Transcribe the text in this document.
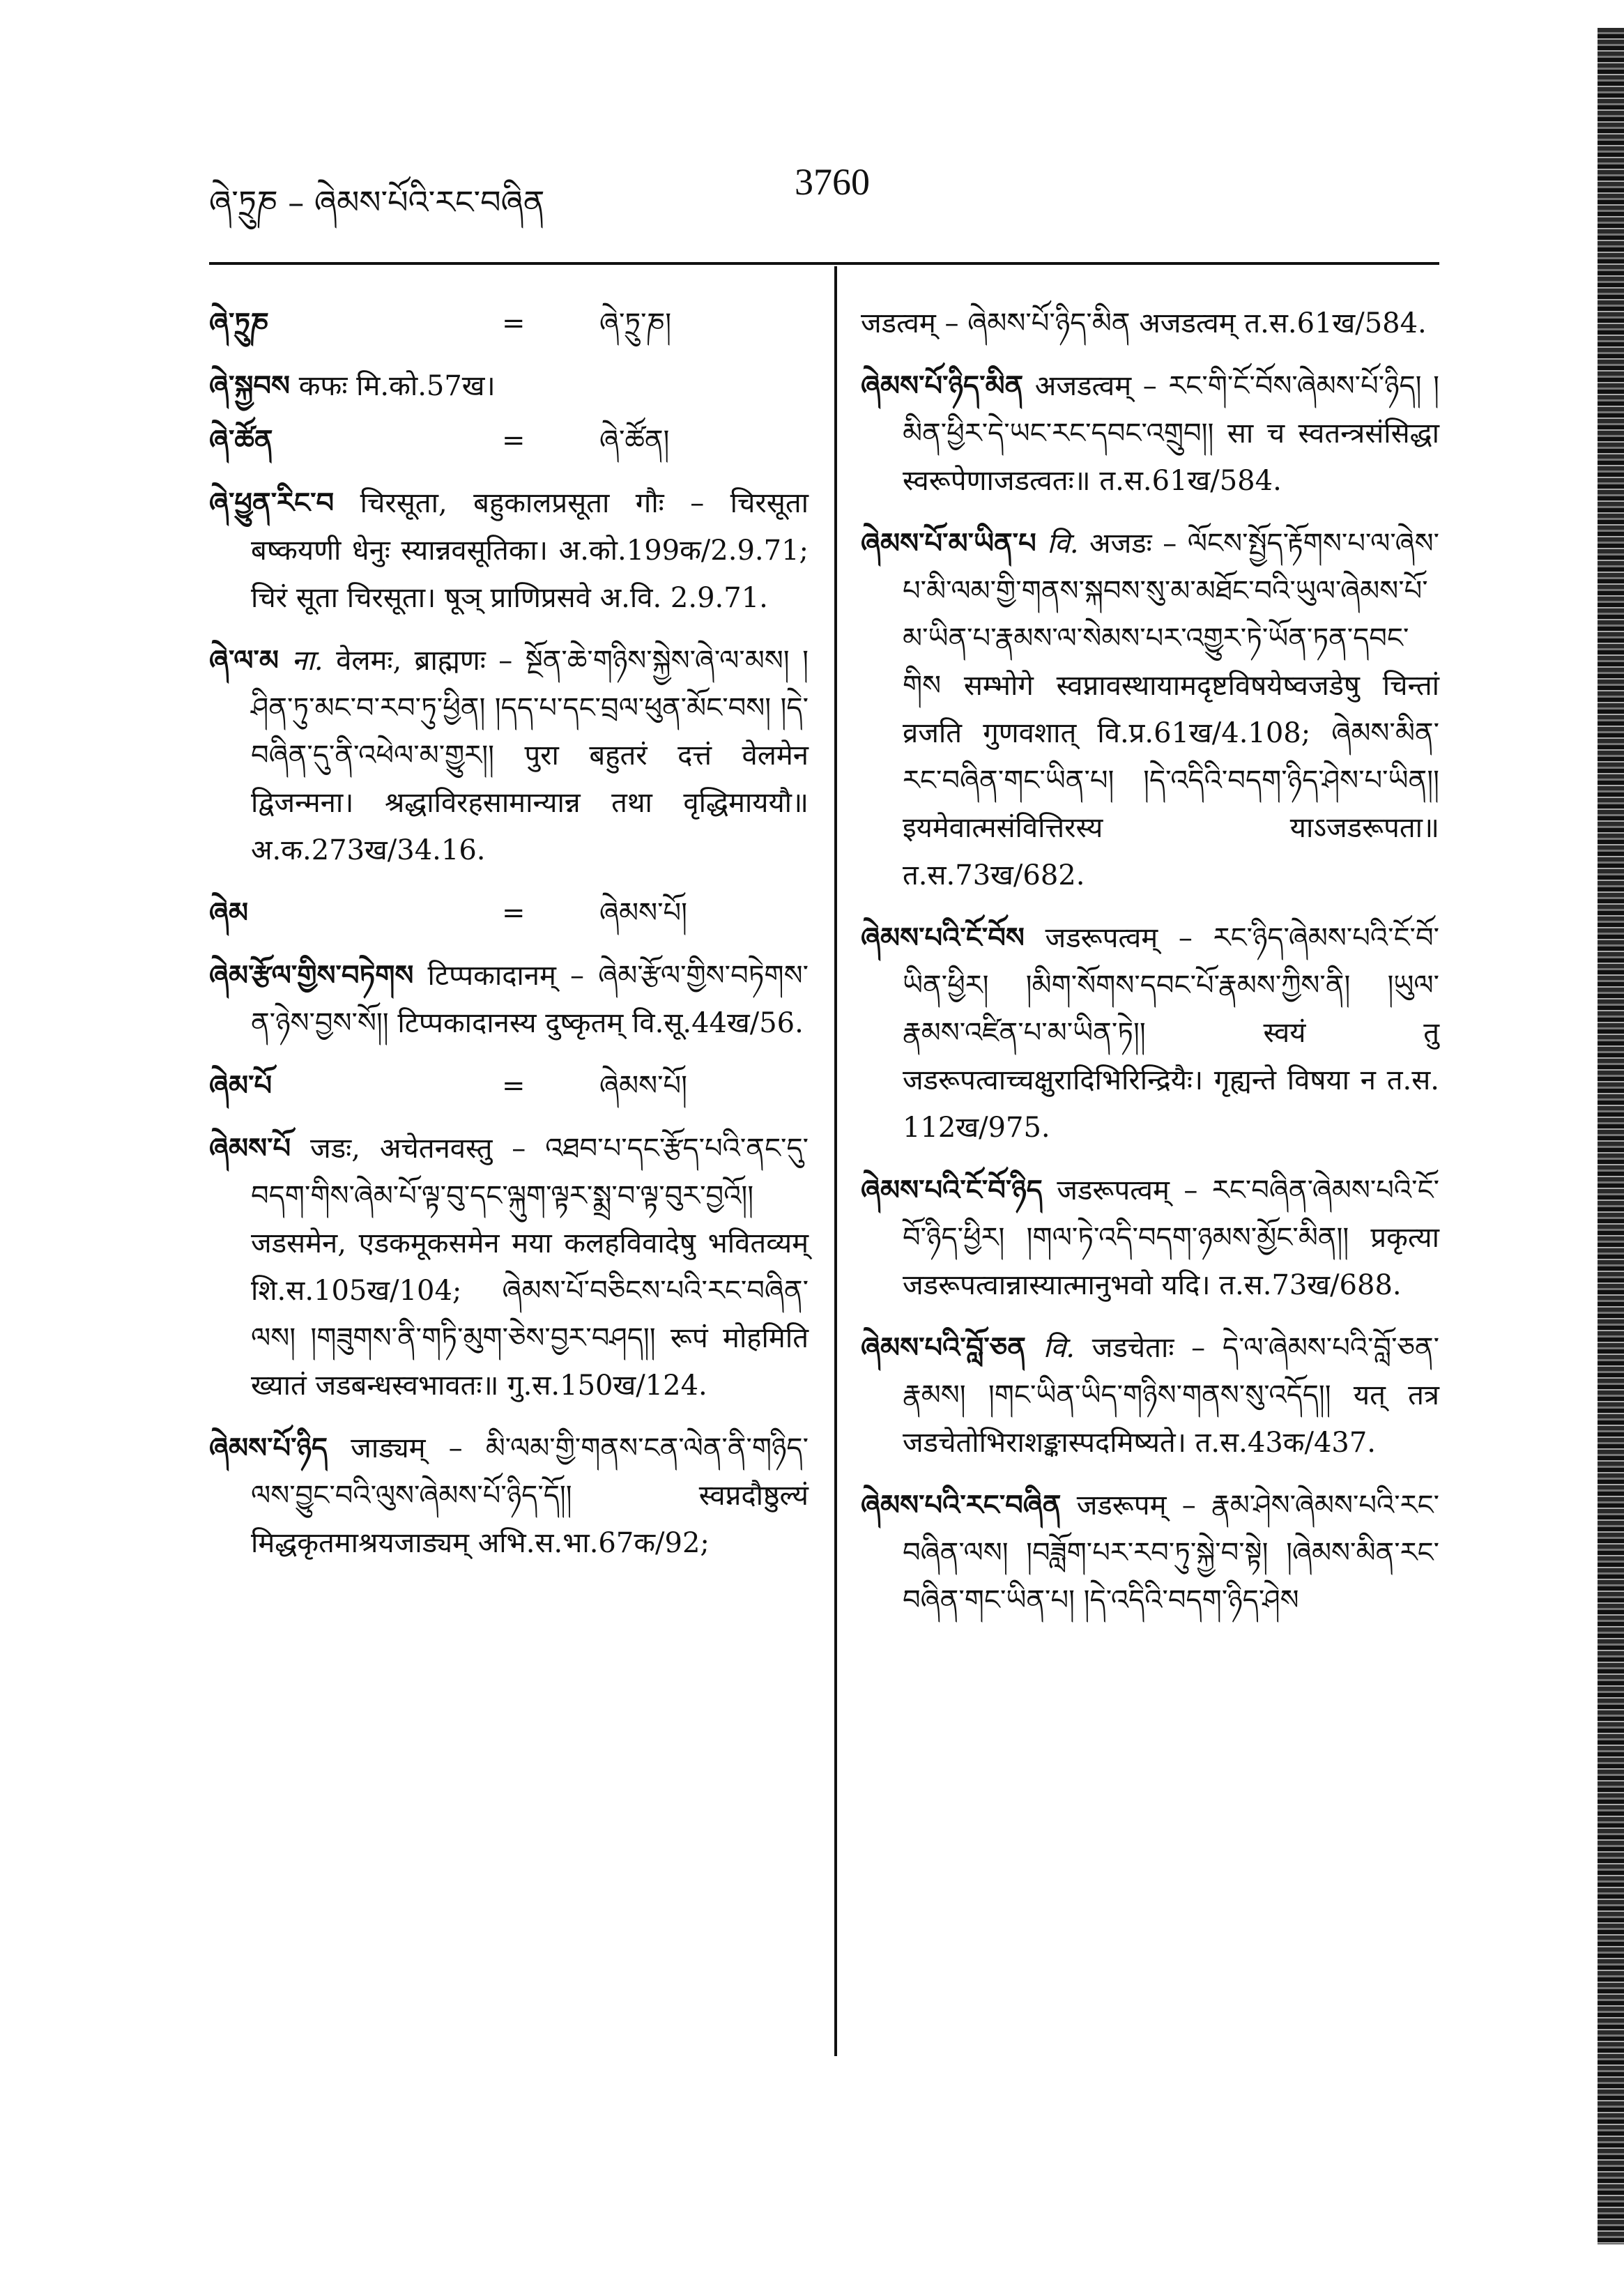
ཞེ་ཏྲུཎ – ཞེམས་པོའི་རང་བཞིན	3760
ཞེ་ཏྲུཎ	=	ཞེ་ཏྲུ་ཎ།
ཞེ་སྐྱབས कफः मि.को.57ख।
ཞེ་ཚོན	=	ཞེ་ཚོན།
ཞེ་ཕྱུན་རིང་བ चिरसूता, बहुकालप्रसूता गौः – चिरसूता बष्कयणी धेनुः स्यान्नवसूतिका। अ.को.199क/2.9.71; चिरं सूता चिरसूता। षूञ् प्राणिप्रसवे अ.वि. 2.9.71.
ཞེ་ལ་མ ना. वेलमः, ब्राह्मणः – སྔོན་ཆེ་གཉིས་སྐྱེས་ཞེ་ལ་མས། །ཤིན་ཏུ་མང་བ་རབ་ཏུ་ཕྱིན། །དད་པ་དང་བྲལ་ཕུན་མོང་བས། །དེ་བཞིན་དུ་ནི་འཕེལ་མ་གྱུར།། पुरा बहुतरं दत्तं वेलमेन द्विजन्मना। श्रद्धाविरहसामान्यान्न तथा वृद्धिमाययौ॥ अ.क.273ख/34.16.
ཞེམ	=	ཞེམས་པོ།
ཞེམ་རྩོལ་གྱིས་བཏེགས टिप्पकादानम् – ཞེམ་རྩོལ་གྱིས་བཏེགས་ན་ཉེས་བྱས་སོ།། टिप्पकादानस्य दुष्कृतम् वि.सू.44ख/56.
ཞེམ་པོ	=	ཞེམས་པོ།
ཞེམས་པོ जडः, अचेतनवस्तु – འཐབ་པ་དང་རྩོད་པའི་ནང་དུ་བདག་གིས་ཞེམ་པོ་ལྟ་བུ་དང་ལྐུག་ལྟར་སྨྲ་བ་ལྟ་བུར་བྱའོ།། जडसमेन, एडकमूकसमेन मया कलहविवादेषु भवितव्यम् शि.स.105ख/104; ཞེམས་པོ་བཅིངས་པའི་རང་བཞིན་ལས། །གཟུགས་ནི་གཏི་མུག་ཅེས་བྱར་བཤད།། रूपं मोहमिति ख्यातं जडबन्धस्वभावतः॥ गु.स.150ख/124.
ཞེམས་པོ་ཉིད जाड्यम् – མི་ལམ་གྱི་གནས་ངན་ལེན་ནི་གཉིད་ལས་བྱུང་བའི་ལུས་ཞེམས་པོ་ཉིད་དོ།། स्वप्नदौष्ठुल्यं मिद्धकृतमाश्रयजाड्यम् अभि.स.भा.67क/92;
जडत्वम् – ཞེམས་པོ་ཉིད་མིན अजडत्वम् त.स.61ख/584.
ཞེམས་པོ་ཉིད་མིན अजडत्वम् – རང་གི་ངོ་བོས་ཞེམས་པོ་ཉིད། །མིན་ཕྱིར་དེ་ཡང་རང་དབང་འགྲུབ།། सा च स्वतन्त्रसंसिद्धा स्वरूपेणाजडत्वतः॥ त.स.61ख/584.
ཞེམས་པོ་མ་ཡིན་པ वि. अजडः – ལོངས་སྤྱོད་རྟོགས་པ་ལ་ཞེས་པ་མི་ལམ་གྱི་གནས་སྐབས་སུ་མ་མཐོང་བའི་ཡུལ་ཞེམས་པོ་མ་ཡིན་པ་རྣམས་ལ་སེམས་པར་འགྱུར་ཏེ་ཡོན་ཏན་དབང་གིས सम्भोगे स्वप्नावस्थायामदृष्टविषयेष्वजडेषु चिन्तां व्रजति गुणवशात् वि.प्र.61ख/4.108; ཞེམས་མིན་རང་བཞིན་གང་ཡིན་པ། །དེ་འདིའི་བདག་ཉིད་ཤེས་པ་ཡིན།། इयमेवात्मसंवित्तिरस्य याऽजडरूपता॥ त.स.73ख/682.
ཞེམས་པའི་ངོ་བོས जडरूपत्वम् – རང་ཉིད་ཞེམས་པའི་ངོ་བོ་ཡིན་ཕྱིར། །མིག་སོགས་དབང་པོ་རྣམས་ཀྱིས་ནི། །ཡུལ་རྣམས་འཛིན་པ་མ་ཡིན་ཏེ།། स्वयं तु जडरूपत्वाच्चक्षुरादिभिरिन्द्रियैः। गृह्यन्ते विषया न त.स. 112ख/975.
ཞེམས་པའི་ངོ་བོ་ཉིད जडरूपत्वम् – རང་བཞིན་ཞེམས་པའི་ངོ་བོ་ཉིད་ཕྱིར། །གལ་ཏེ་འདི་བདག་ཉམས་མྱོང་མིན།། प्रकृत्या जडरूपत्वान्नास्यात्मानुभवो यदि। त.स.73ख/688.
ཞེམས་པའི་བློ་ཅན वि. जडचेताः – དེ་ལ་ཞེམས་པའི་བློ་ཅན་རྣམས། །གང་ཡིན་ཡིད་གཉིས་གནས་སུ་འདོད།། यत् तत्र जडचेतोभिराशङ्कास्पदमिष्यते। त.स.43क/437.
ཞེམས་པའི་རང་བཞིན जडरूपम् – རྣམ་ཤེས་ཞེམས་པའི་རང་བཞིན་ལས། །བཟློག་པར་རབ་ཏུ་སྐྱེ་བ་སྟེ། །ཞེམས་མིན་རང་བཞིན་གང་ཡིན་པ། །དེ་འདིའི་བདག་ཉིད་ཤེས
